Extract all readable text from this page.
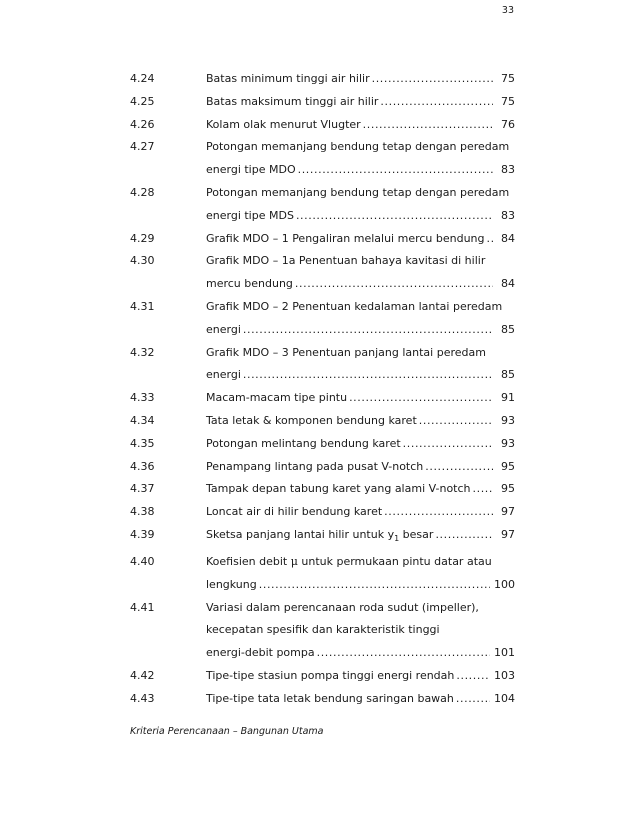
33
4.24	Batas minimum tinggi air hilir .....	75
4.25	Batas maksimum tinggi air hilir .....	75
4.26	Kolam olak menurut Vlugter .....	76
4.27	Potongan memanjang bendung tetap dengan peredam
energi tipe MDO .....	83
4.28	Potongan memanjang bendung tetap dengan peredam
energi tipe MDS .....	83
4.29	Grafik MDO – 1 Pengaliran melalui mercu bendung .....	84
4.30	Grafik MDO – 1a Penentuan bahaya kavitasi di hilir
mercu bendung .....	84
4.31	Grafik MDO – 2 Penentuan kedalaman lantai peredam
energi .....	85
4.32	Grafik MDO – 3 Penentuan panjang lantai peredam
energi .....	85
4.33	Macam-macam tipe pintu .....	91
4.34	Tata letak & komponen bendung karet .....	93
4.35	Potongan melintang bendung karet .....	93
4.36	Penampang lintang pada pusat V-notch .....	95
4.37	Tampak depan tabung karet yang alami V-notch .....	95
4.38	Loncat air di hilir bendung karet .....	97
4.39	Sketsa panjang lantai hilir untuk $y_1$ besar .....	97
4.40	Koefisien debit μ untuk permukaan pintu datar atau
lengkung .....	100
4.41	Variasi dalam perencanaan roda sudut (impeller),
kecepatan spesifik dan karakteristik tinggi
energi-debit pompa .....	101
4.42	Tipe-tipe stasiun pompa tinggi energi rendah .....	103
4.43	Tipe-tipe tata letak bendung saringan bawah .....	104
Kriteria Perencanaan – Bangunan Utama
